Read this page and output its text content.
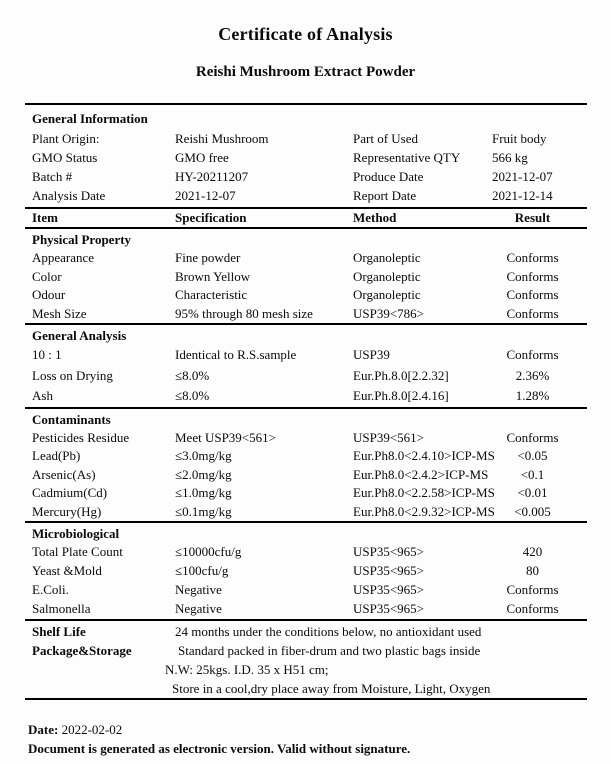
Certificate of Analysis
Reishi Mushroom Extract Powder
General Information
Plant Origin:	Reishi Mushroom	Part of Used	Fruit body
GMO Status	GMO free	Representative QTY	566 kg
Batch #	HY-20211207	Produce Date	2021-12-07
Analysis Date	2021-12-07	Report Date	2021-12-14
Item	Specification	Method	Result
Physical Property
Appearance	Fine powder	Organoleptic	Conforms
Color	Brown Yellow	Organoleptic	Conforms
Odour	Characteristic	Organoleptic	Conforms
Mesh Size	95% through 80 mesh size	USP39<786>	Conforms
General Analysis
10 : 1	Identical to R.S.sample	USP39	Conforms
Loss on Drying	≤8.0%	Eur.Ph.8.0[2.2.32]	2.36%
Ash	≤8.0%	Eur.Ph.8.0[2.4.16]	1.28%
Contaminants
Pesticides Residue	Meet USP39<561>	USP39<561>	Conforms
Lead(Pb)	≤3.0mg/kg	Eur.Ph8.0<2.4.10>ICP-MS	<0.05
Arsenic(As)	≤2.0mg/kg	Eur.Ph8.0<2.4.2>ICP-MS	<0.1
Cadmium(Cd)	≤1.0mg/kg	Eur.Ph8.0<2.2.58>ICP-MS	<0.01
Mercury(Hg)	≤0.1mg/kg	Eur.Ph8.0<2.9.32>ICP-MS	<0.005
Microbiological
Total Plate Count	≤10000cfu/g	USP35<965>	420
Yeast &Mold	≤100cfu/g	USP35<965>	80
E.Coli.	Negative	USP35<965>	Conforms
Salmonella	Negative	USP35<965>	Conforms
Shelf Life	24 months under the conditions below, no antioxidant used
Package&Storage	Standard packed in fiber-drum and two plastic bags inside
N.W: 25kgs. I.D. 35 x H51 cm;
Store in a cool,dry place away from Moisture, Light, Oxygen
Date: 2022-02-02
Document is generated as electronic version. Valid without signature.
